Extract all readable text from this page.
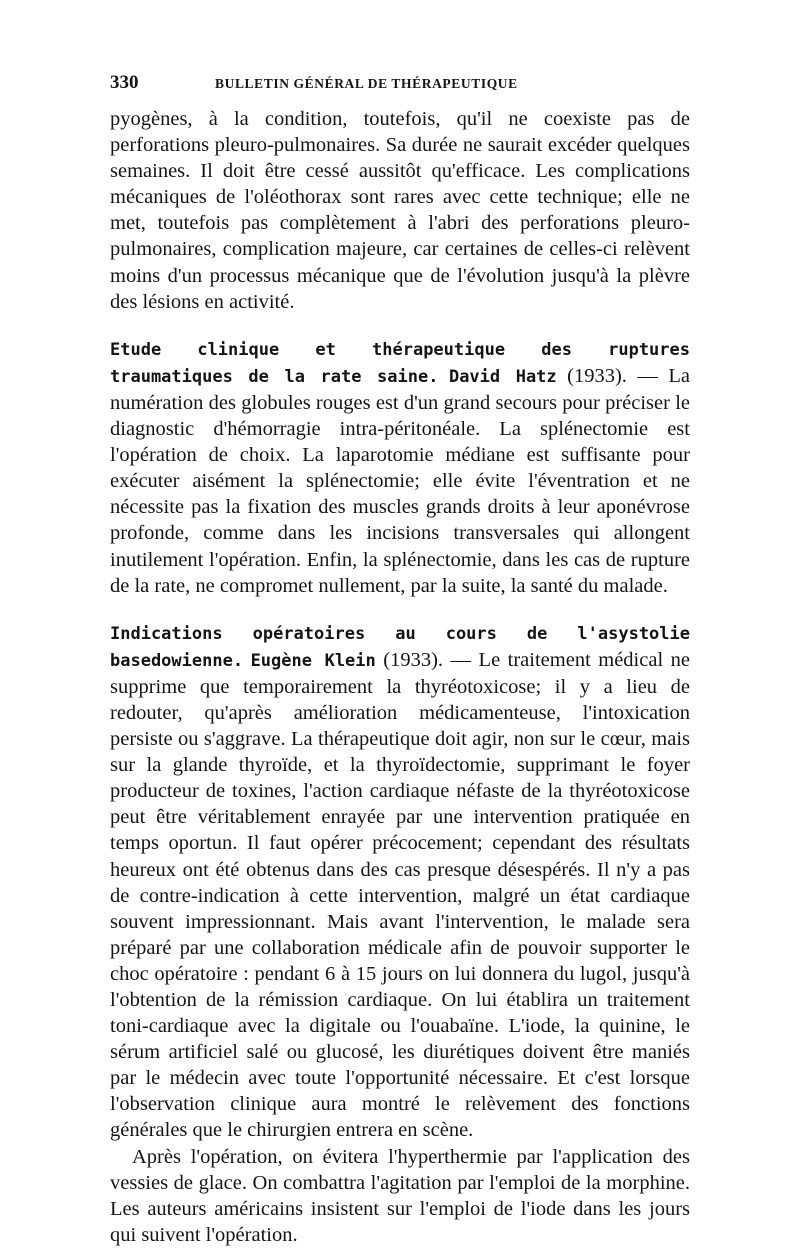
330	BULLETIN GÉNÉRAL DE THÉRAPEUTIQUE

pyogènes, à la condition, toutefois, qu'il ne coexiste pas de perforations pleuro-pulmonaires. Sa durée ne saurait excéder quelques semaines. Il doit être cessé aussitôt qu'efficace. Les complications mécaniques de l'oléothorax sont rares avec cette technique; elle ne met, toutefois pas complètement à l'abri des perforations pleuro-pulmonaires, complication majeure, car certaines de celles-ci relèvent moins d'un processus mécanique que de l'évolution jusqu'à la plèvre des lésions en activité.

Etude clinique et thérapeutique des ruptures traumatiques de la rate saine. David Hatz (1933). — La numération des globules rouges est d'un grand secours pour préciser le diagnostic d'hémorragie intra-péritonéale. La splénectomie est l'opération de choix. La laparotomie médiane est suffisante pour exécuter aisément la splénectomie; elle évite l'éventration et ne nécessite pas la fixation des muscles grands droits à leur aponévrose profonde, comme dans les incisions transversales qui allongent inutilement l'opération. Enfin, la splénectomie, dans les cas de rupture de la rate, ne compromet nullement, par la suite, la santé du malade.

Indications opératoires au cours de l'asystolie basedowienne. Eugène Klein (1933). — Le traitement médical ne supprime que temporairement la thyréotoxicose; il y a lieu de redouter, qu'après amélioration médicamenteuse, l'intoxication persiste ou s'aggrave. La thérapeutique doit agir, non sur le cœur, mais sur la glande thyroïde, et la thyroïdectomie, supprimant le foyer producteur de toxines, l'action cardiaque néfaste de la thyréotoxicose peut être véritablement enrayée par une intervention pratiquée en temps oportun. Il faut opérer précocement; cependant des résultats heureux ont été obtenus dans des cas presque désespérés. Il n'y a pas de contre-indication à cette intervention, malgré un état cardiaque souvent impressionnant. Mais avant l'intervention, le malade sera préparé par une collaboration médicale afin de pouvoir supporter le choc opératoire : pendant 6 à 15 jours on lui donnera du lugol, jusqu'à l'obtention de la rémission cardiaque. On lui établira un traitement toni-cardiaque avec la digitale ou l'ouabaïne. L'iode, la quinine, le sérum artificiel salé ou glucosé, les diurétiques doivent être maniés par le médecin avec toute l'opportunité nécessaire. Et c'est lorsque l'observation clinique aura montré le relèvement des fonctions générales que le chirurgien entrera en scène.

Après l'opération, on évitera l'hyperthermie par l'application des vessies de glace. On combattra l'agitation par l'emploi de la morphine. Les auteurs américains insistent sur l'emploi de l'iode dans les jours qui suivent l'opération.
